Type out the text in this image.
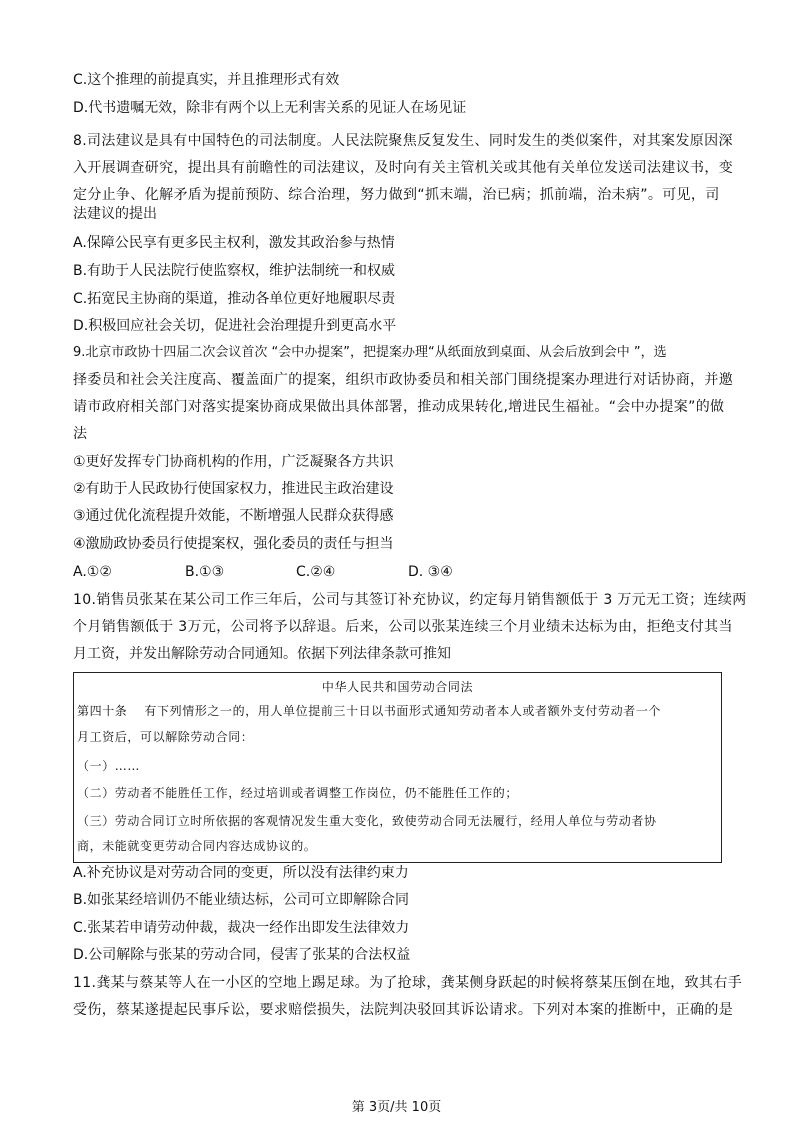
C.这个推理的前提真实，并且推理形式有效
D.代书遗嘱无效，除非有两个以上无利害关系的见证人在场见证
8.司法建议是具有中国特色的司法制度。人民法院聚焦反复发生、同时发生的类似案件，对其案发原因深
入开展调查研究，提出具有前瞻性的司法建议，及时向有关主管机关或其他有关单位发送司法建议书，变
定分止争、化解矛盾为提前预防、综合治理，努力做到“抓末端，治已病；抓前端，治未病”。可见，司
法建议的提出
A.保障公民享有更多民主权利，激发其政治参与热情
B.有助于人民法院行使监察权，维护法制统一和权威
C.拓宽民主协商的渠道，推动各单位更好地履职尽责
D.积极回应社会关切，促进社会治理提升到更高水平
9.北京市政协十四届二次会议首次 “会中办提案”，把提案办理“从纸面放到桌面、从会后放到会中 ”，选
择委员和社会关注度高、覆盖面广的提案，组织市政协委员和相关部门围绕提案办理进行对话协商，并邀
请市政府相关部门对落实提案协商成果做出具体部署，推动成果转化,增进民生福祉。“会中办提案”的做
法
①更好发挥专门协商机构的作用，广泛凝聚各方共识
②有助于人民政协行使国家权力，推进民主政治建设
③通过优化流程提升效能，不断增强人民群众获得感
④激励政协委员行使提案权，强化委员的责任与担当
A.①②	B.①③	C.②④	D. ③④
10.销售员张某在某公司工作三年后，公司与其签订补充协议，约定每月销售额低于 3 万元无工资；连续两
个月销售额低于 3万元，公司将予以辞退。后来，公司以张某连续三个月业绩未达标为由，拒绝支付其当
月工资，并发出解除劳动合同通知。依据下列法律条款可推知
中华人民共和国劳动合同法
第四十条　 有下列情形之一的，用人单位提前三十日以书面形式通知劳动者本人或者额外支付劳动者一个
月工资后，可以解除劳动合同：
（一）……
（二）劳动者不能胜任工作，经过培训或者调整工作岗位，仍不能胜任工作的；
（三）劳动合同订立时所依据的客观情况发生重大变化，致使劳动合同无法履行，经用人单位与劳动者协
商，未能就变更劳动合同内容达成协议的。
A.补充协议是对劳动合同的变更，所以没有法律约束力
B.如张某经培训仍不能业绩达标，公司可立即解除合同
C.张某若申请劳动仲裁，裁决一经作出即发生法律效力
D.公司解除与张某的劳动合同，侵害了张某的合法权益
11.龚某与蔡某等人在一小区的空地上踢足球。为了抢球，龚某侧身跃起的时候将蔡某压倒在地，致其右手
受伤，蔡某遂提起民事斥讼，要求赔偿损失，法院判决驳回其诉讼请求。下列对本案的推断中，正确的是
第 3页/共 10页
